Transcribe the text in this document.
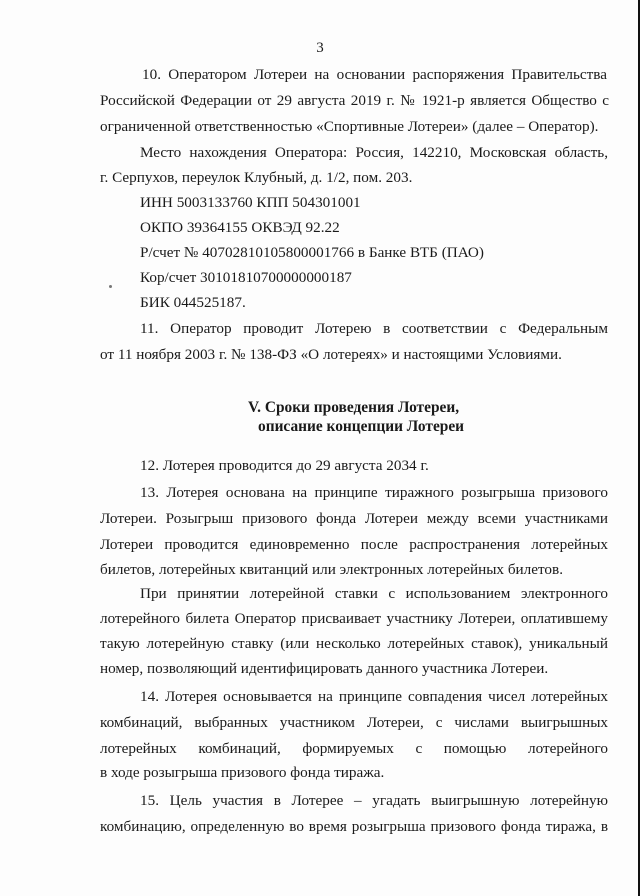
3
10. Оператором Лотереи на основании распоряжения Правительства
Российской Федерации от 29 августа 2019 г. № 1921-р является Общество с
ограниченной ответственностью «Спортивные Лотереи» (далее – Оператор).
Место нахождения Оператора: Россия, 142210, Московская область,
г. Серпухов, переулок Клубный, д. 1/2, пом. 203.
ИНН 5003133760 КПП 504301001
ОКПО 39364155 ОКВЭД 92.22
Р/счет № 40702810105800001766 в Банке ВТБ (ПАО)
Кор/счет 30101810700000000187
БИК 044525187.
11. Оператор проводит Лотерею в соответствии с Федеральным
от 11 ноября 2003 г. № 138-ФЗ «О лотереях» и настоящими Условиями.
V. Сроки проведения Лотереи,
описание концепции Лотереи
12. Лотерея проводится до 29 августа 2034 г.
13. Лотерея основана на принципе тиражного розыгрыша призового
Лотереи. Розыгрыш призового фонда Лотереи между всеми участниками
Лотереи проводится единовременно после распространения лотерейных
билетов, лотерейных квитанций или электронных лотерейных билетов.
При принятии лотерейной ставки с использованием электронного
лотерейного билета Оператор присваивает участнику Лотереи, оплатившему
такую лотерейную ставку (или несколько лотерейных ставок), уникальный
номер, позволяющий идентифицировать данного участника Лотереи.
14. Лотерея основывается на принципе совпадения чисел лотерейных
комбинаций, выбранных участником Лотереи, с числами выигрышных
лотерейных комбинаций, формируемых с помощью лотерейного
в ходе розыгрыша призового фонда тиража.
15. Цель участия в Лотерее – угадать выигрышную лотерейную
комбинацию, определенную во время розыгрыша призового фонда тиража, в
